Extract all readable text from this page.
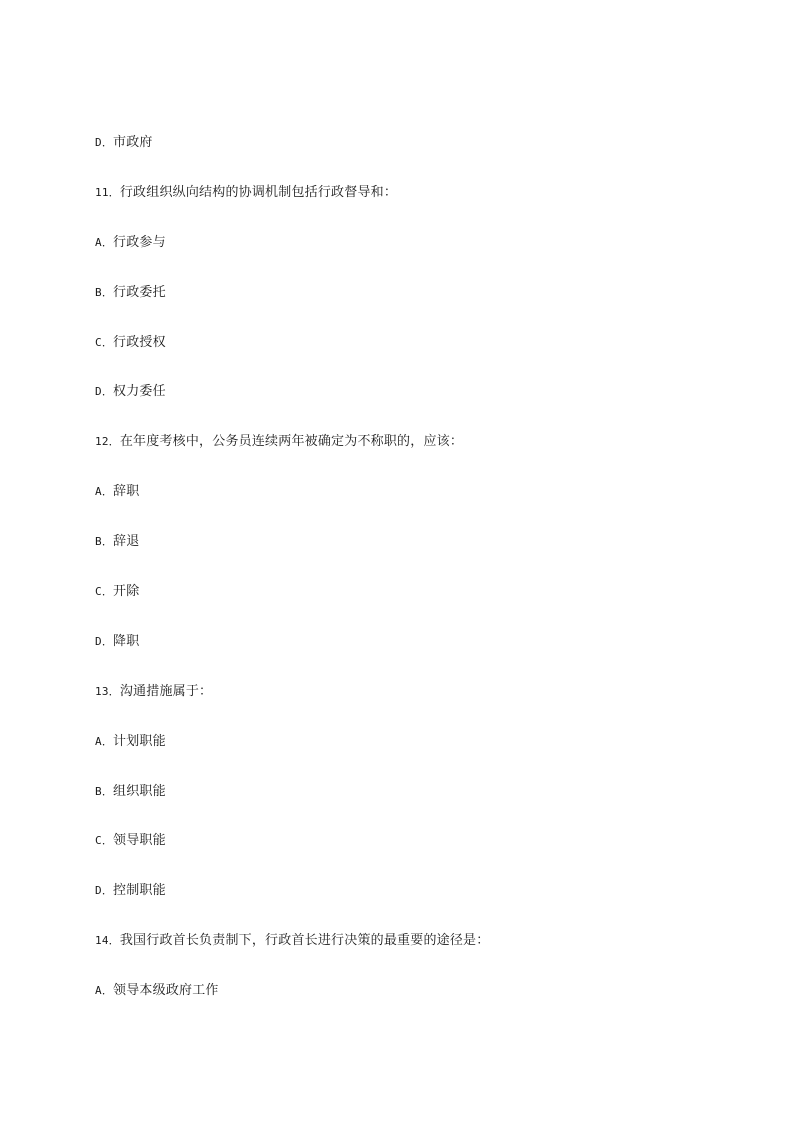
D．市政府
11．行政组织纵向结构的协调机制包括行政督导和：
A．行政参与
B．行政委托
C．行政授权
D．权力委任
12．在年度考核中，公务员连续两年被确定为不称职的，应该：
A．辞职
B．辞退
C．开除
D．降职
13．沟通措施属于：
A．计划职能
B．组织职能
C．领导职能
D．控制职能
14．我国行政首长负责制下，行政首长进行决策的最重要的途径是：
A．领导本级政府工作
